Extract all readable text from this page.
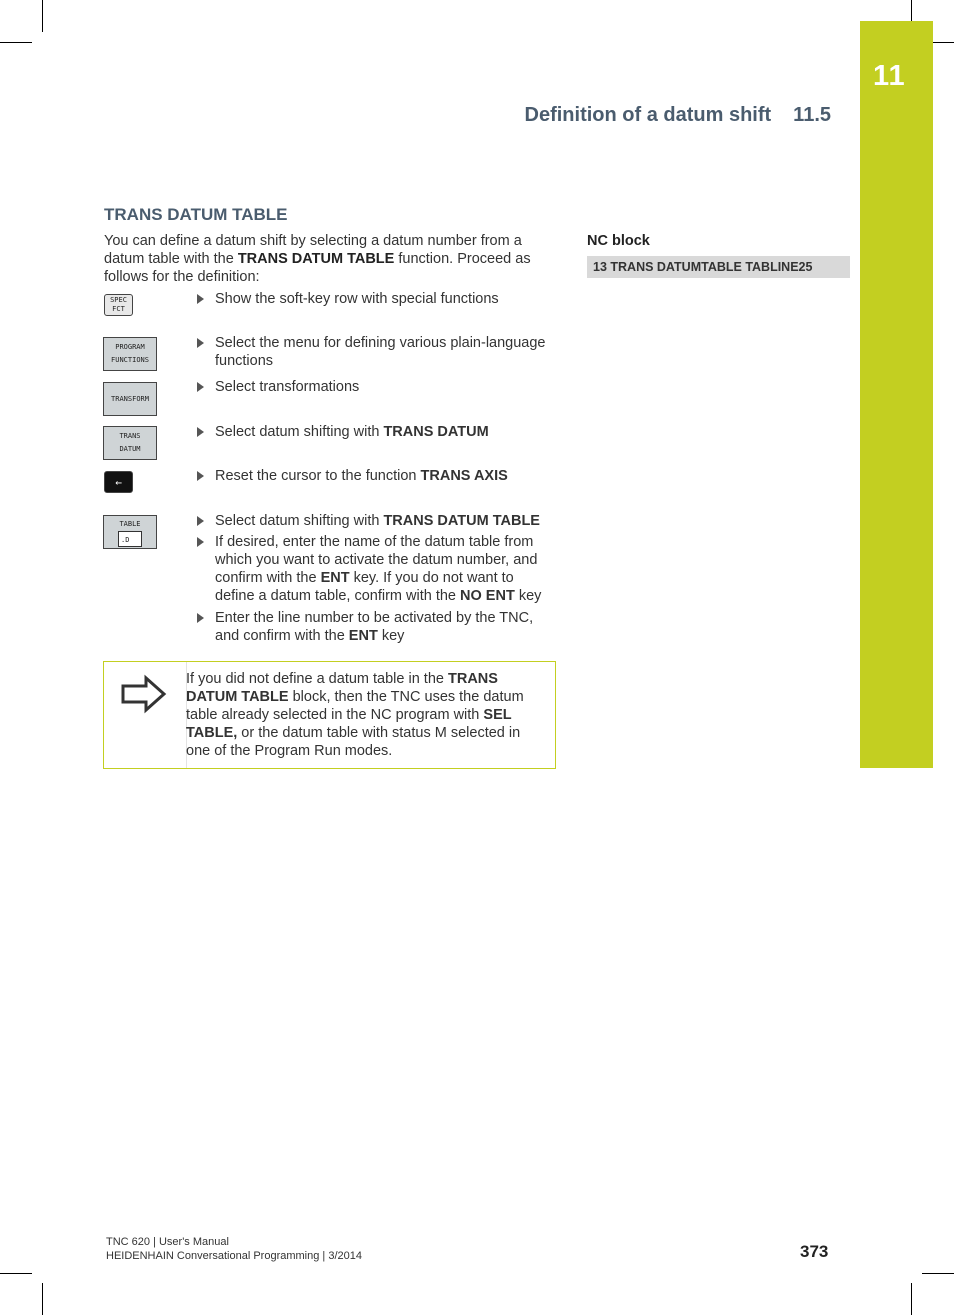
11
Definition of a datum shift 11.5
TRANS DATUM TABLE
You can define a datum shift by selecting a datum number from a datum table with the TRANS DATUM TABLE function. Proceed as follows for the definition:
SPEC
FCT
PROGRAM
FUNCTIONS
TRANSFORM
TRANS
DATUM
←
TABLE
.D
Show the soft-key row with special functions
Select the menu for defining various plain-language functions
Select transformations
Select datum shifting with TRANS DATUM
Reset the cursor to the function TRANS AXIS
Select datum shifting with TRANS DATUM TABLE
If desired, enter the name of the datum table from which you want to activate the datum number, and confirm with the ENT key. If you do not want to define a datum table, confirm with the NO ENT key
Enter the line number to be activated by the TNC, and confirm with the ENT key
If you did not define a datum table in the TRANS DATUM TABLE block, then the TNC uses the datum table already selected in the NC program with SEL TABLE, or the datum table with status M selected in one of the Program Run modes.
NC block
13 TRANS DATUMTABLE TABLINE25
TNC 620 | User's Manual
HEIDENHAIN Conversational Programming | 3/2014	373
